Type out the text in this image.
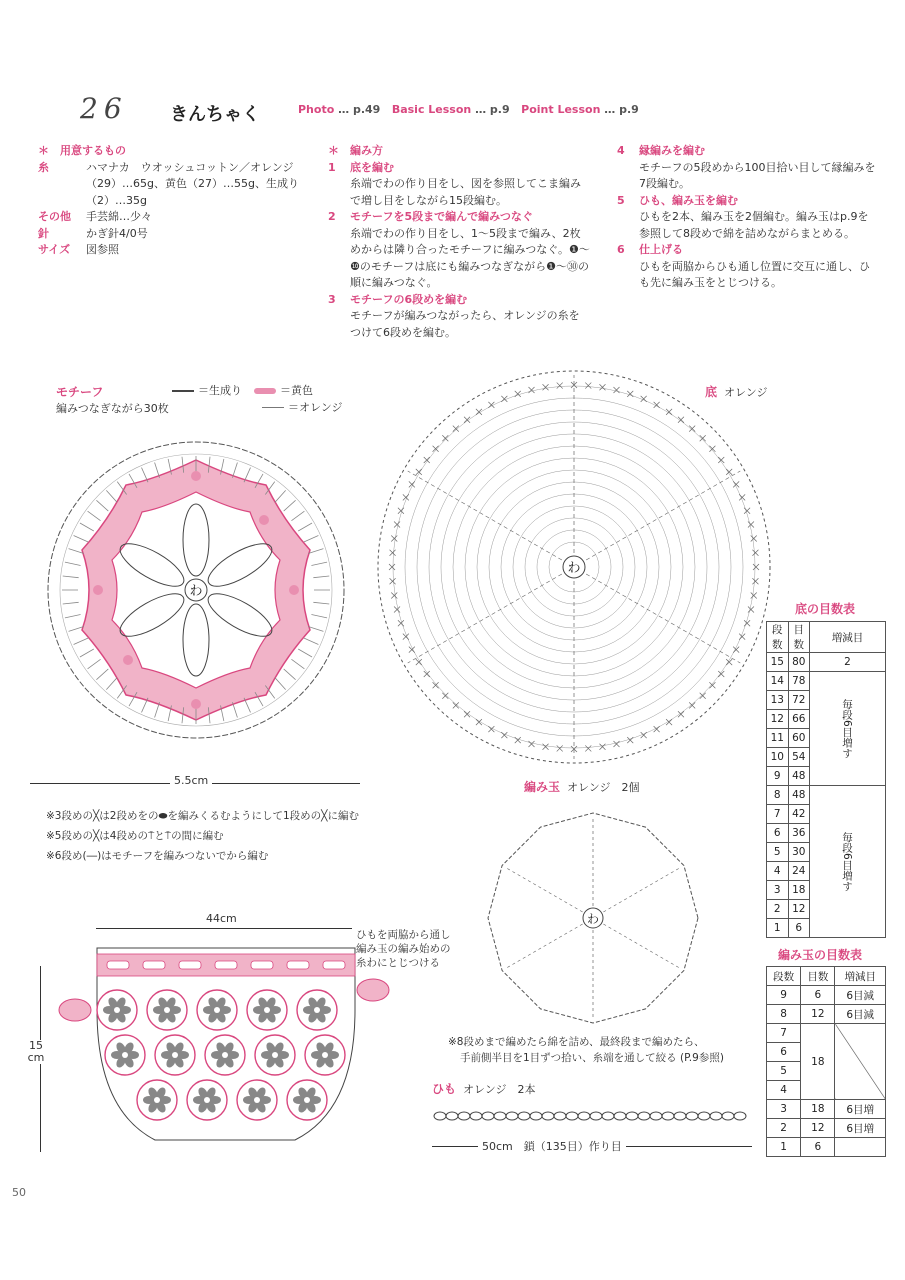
26 きんちゃく	Photo … p.49 Basic Lesson … p.9 Point Lesson … p.9
＊	用意するもの
糸	ハマナカ　ウオッシュコットン／オレンジ（29）…65g、黄色（27）…55g、生成り（2）…35g
その他	手芸綿…少々
針	かぎ針4/0号
サイズ	図参照
＊	編み方
1	底を編む
糸端でわの作り目をし、図を参照してこま編みで増し目をしながら15段編む。
2	モチーフを5段まで編んで編みつなぐ
糸端でわの作り目をし、1～5段まで編み、2枚めからは隣り合ったモチーフに編みつなぐ。❶～❿のモチーフは底にも編みつなぎながら❶～㉚の順に編みつなぐ。
3	モチーフの6段めを編む
モチーフが編みつながったら、オレンジの糸をつけて6段めを編む。
4	縁編みを編む
モチーフの5段めから100目拾い目して縁編みを7段編む。
5	ひも、編み玉を編む
ひもを2本、編み玉を2個編む。編み玉はp.9を参照して8段めで綿を詰めながらまとめる。
6	仕上げる
ひもを両脇からひも通し位置に交互に通し、ひも先に編み玉をとじつける。
モチーフ
編みつなぎながら30枚
＝生成り	＝黄色
＝オレンジ
わ
5.5cm
※3段めの╳は2段めをの⬬を編みくるむようにして1段めの╳に編む
※5段めの╳は4段めの⍑と⍑の間に編む
※6段め(―)はモチーフを編みつないでから編む
底 オレンジ
わ
底の目数表
段数	目数	増減目
15	80	2
14	78	毎段6目増す
13	72	
12	66	
11	60	
10	54	
9	48	
8	48	毎段6目増す
7	42	
6	36	
5	30	
4	24	
3	18	
2	12	
1	6	
編み玉 オレンジ　2個
わ
※8段めまで編めたら綿を詰め、最終段まで編めたら、
手前側半目を1目ずつ拾い、糸端を通して絞る (P.9参照)
編み玉の目数表
段数	目数	増減目
9	6	6目減
8	12	6目減
7	18	
6		
5		
4		
3	18	6目増
2	12	6目増
1	6	
44cm
ひもを両脇から通し
編み玉の編み始めの
糸わにとじつける
15
cm
ひも オレンジ　2本
50cm　鎖（135目）作り目
50
